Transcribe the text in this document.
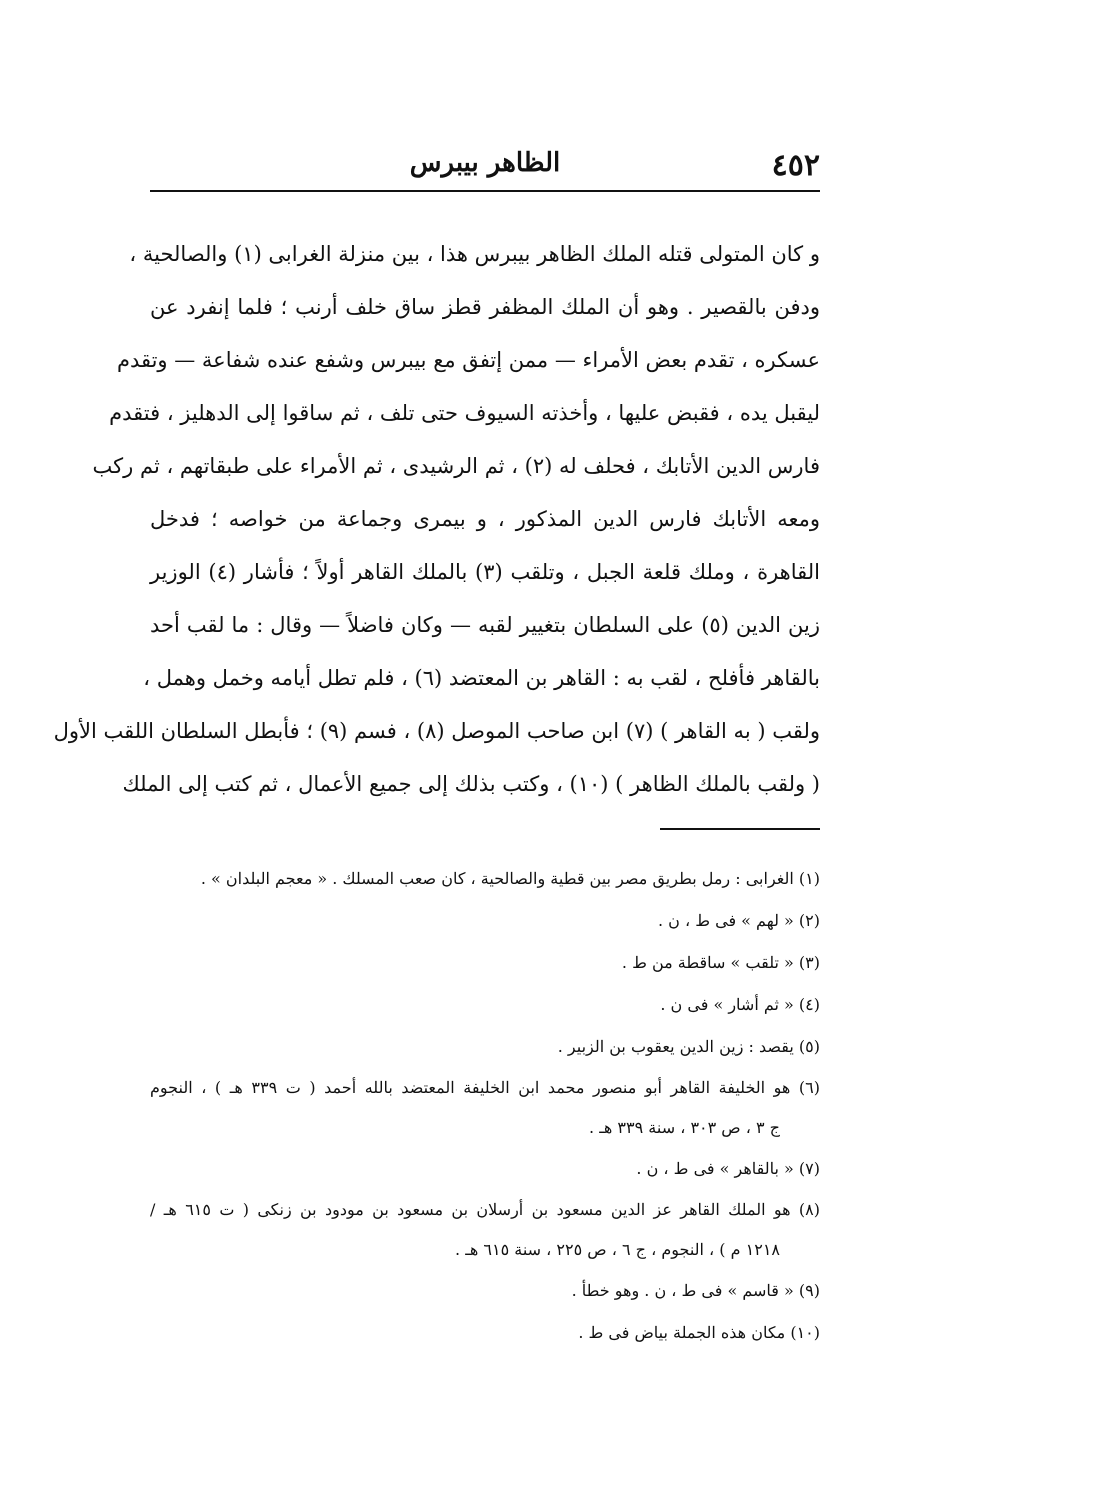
٤٥٢
الظاهر بيبرس
و كان المتولى قتله الملك الظاهر بيبرس هذا ، بين منزلة الغرابى (١) والصالحية ،
ودفن بالقصير . وهو أن الملك المظفر قطز ساق خلف أرنب ؛ فلما إنفرد عن
عسكره ، تقدم بعض الأمراء — ممن إتفق مع بيبرس وشفع عنده شفاعة — وتقدم
ليقبل يده ، فقبض عليها ، وأخذته السيوف حتى تلف ، ثم ساقوا إلى الدهليز ، فتقدم
فارس الدين الأتابك ، فحلف له (٢) ، ثم الرشيدى ، ثم الأمراء على طبقاتهم ، ثم ركب
ومعه الأتابك فارس الدين المذكور ، و بيمرى وجماعة من خواصه ؛ فدخل
القاهرة ، وملك قلعة الجبل ، وتلقب (٣) بالملك القاهر أولاً ؛ فأشار (٤) الوزير
زين الدين (٥) على السلطان بتغيير لقبه — وكان فاضلاً — وقال : ما لقب أحد
بالقاهر فأفلح ، لقب به : القاهر بن المعتضد (٦) ، فلم تطل أيامه وخمل وهمل ،
ولقب ( به القاهر ) (٧) ابن صاحب الموصل (٨) ، فسم (٩) ؛ فأبطل السلطان اللقب الأول
( ولقب بالملك الظاهر ) (١٠) ، وكتب بذلك إلى جميع الأعمال ، ثم كتب إلى الملك
(١) الغرابى : رمل بطريق مصر بين قطية والصالحية ، كان صعب المسلك . « معجم البلدان » .
(٢) « لهم » فى ط ، ن .
(٣) « تلقب » ساقطة من ط .
(٤) « ثم أشار » فى ن .
(٥) يقصد : زين الدين يعقوب بن الزبير .
(٦) هو الخليفة القاهر أبو منصور محمد ابن الخليفة المعتضد بالله أحمد ( ت ٣٣٩ هـ ) ، النجوم
ج ٣ ، ص ٣٠٣ ، سنة ٣٣٩ هـ .
(٧) « بالقاهر » فى ط ، ن .
(٨) هو الملك القاهر عز الدين مسعود بن أرسلان بن مسعود بن مودود بن زنكى ( ت ٦١٥ هـ /
١٢١٨ م ) ، النجوم ، ج ٦ ، ص ٢٢٥ ، سنة ٦١٥ هـ .
(٩) « قاسم » فى ط ، ن . وهو خطأ .
(١٠) مكان هذه الجملة بياض فى ط .
